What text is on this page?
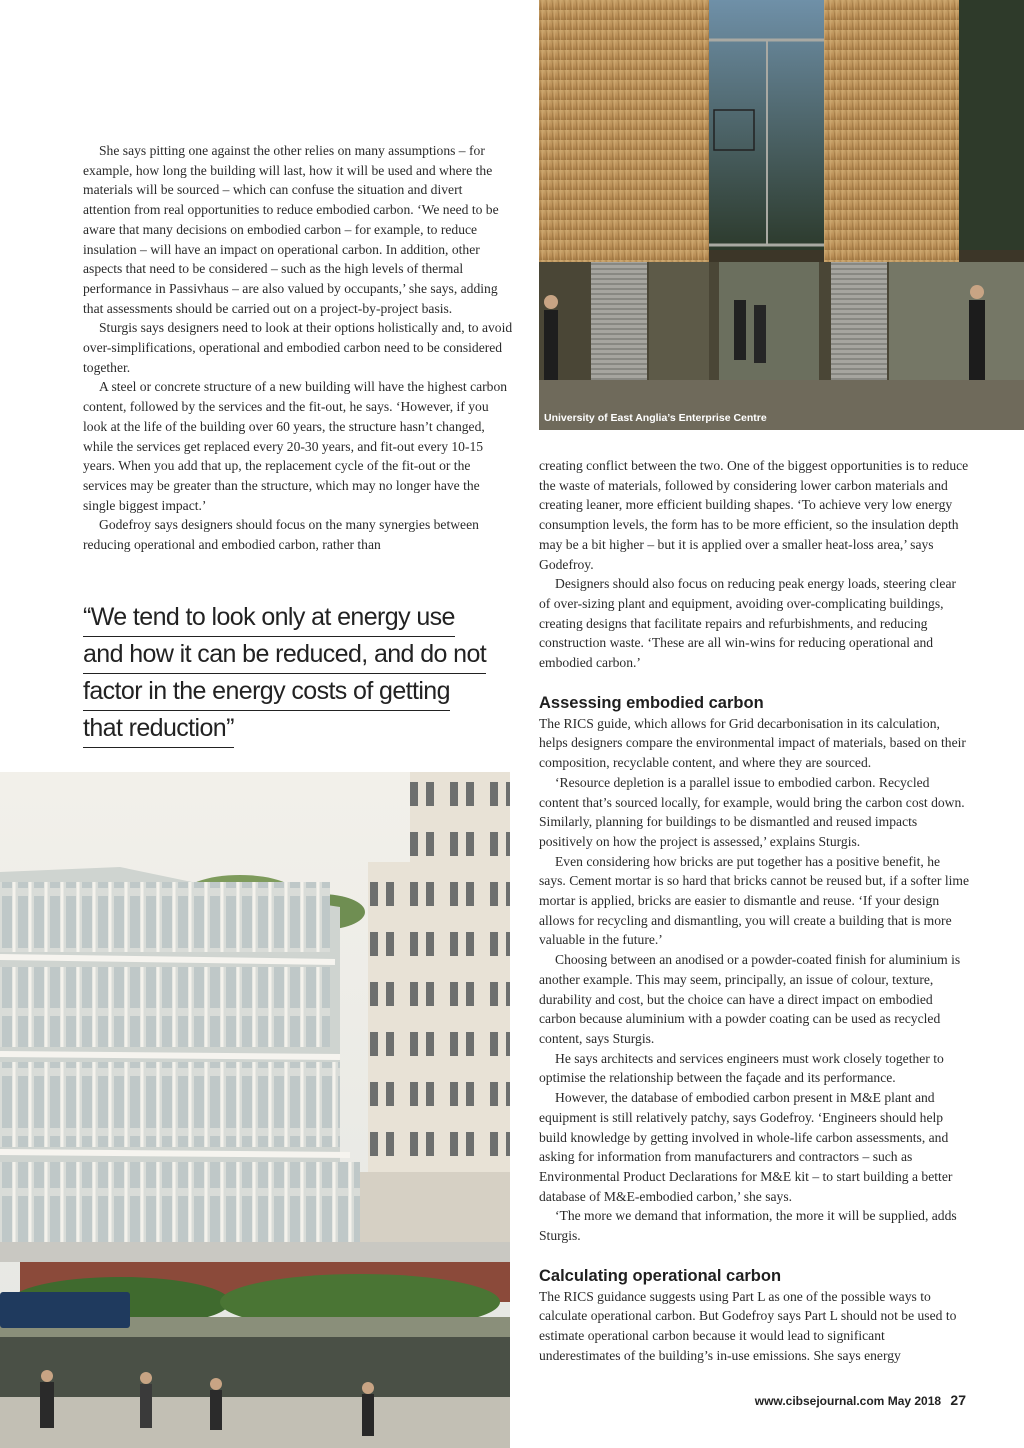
University of East Anglia’s Enterprise Centre

She says pitting one against the other relies on many assumptions – for example, how long the building will last, how it will be used and where the materials will be sourced – which can confuse the situation and divert attention from real opportunities to reduce embodied carbon. ‘We need to be aware that many decisions on embodied carbon – for example, to reduce insulation – will have an impact on operational carbon. In addition, other aspects that need to be considered – such as the high levels of thermal performance in Passivhaus – are also valued by occupants,’ she says, adding that assessments should be carried out on a project-by-project basis.

Sturgis says designers need to look at their options holistically and, to avoid over-simplifications, operational and embodied carbon need to be considered together.

A steel or concrete structure of a new building will have the highest carbon content, followed by the services and the fit-out, he says. ‘However, if you look at the life of the building over 60 years, the structure hasn’t changed, while the services get replaced every 20-30 years, and fit-out every 10-15 years. When you add that up, the replacement cycle of the fit-out or the services may be greater than the structure, which may no longer have the single biggest impact.’

Godefroy says designers should focus on the many synergies between reducing operational and embodied carbon, rather than

“We tend to look only at energy use
and how it can be reduced, and do not
factor in the energy costs of getting
that reduction”

creating conflict between the two. One of the biggest opportunities is to reduce the waste of materials, followed by considering lower carbon materials and creating leaner, more efficient building shapes. ‘To achieve very low energy consumption levels, the form has to be more efficient, so the insulation depth may be a bit higher – but it is applied over a smaller heat-loss area,’ says Godefroy.

Designers should also focus on reducing peak energy loads, steering clear of over-sizing plant and equipment, avoiding over-complicating buildings, creating designs that facilitate repairs and refurbishments, and reducing construction waste. ‘These are all win-wins for reducing operational and embodied carbon.’

Assessing embodied carbon

The RICS guide, which allows for Grid decarbonisation in its calculation, helps designers compare the environmental impact of materials, based on their composition, recyclable content, and where they are sourced.

‘Resource depletion is a parallel issue to embodied carbon. Recycled content that’s sourced locally, for example, would bring the carbon cost down. Similarly, planning for buildings to be dismantled and reused impacts positively on how the project is assessed,’ explains Sturgis.

Even considering how bricks are put together has a positive benefit, he says. Cement mortar is so hard that bricks cannot be reused but, if a softer lime mortar is applied, bricks are easier to dismantle and reuse. ‘If your design allows for recycling and dismantling, you will create a building that is more valuable in the future.’

Choosing between an anodised or a powder-coated finish for aluminium is another example. This may seem, principally, an issue of colour, texture, durability and cost, but the choice can have a direct impact on embodied carbon because aluminium with a powder coating can be used as recycled content, says Sturgis.

He says architects and services engineers must work closely together to optimise the relationship between the façade and its performance.

However, the database of embodied carbon present in M&E plant and equipment is still relatively patchy, says Godefroy. ‘Engineers should help build knowledge by getting involved in whole-life carbon assessments, and asking for information from manufacturers and contractors – such as Environmental Product Declarations for M&E kit – to start building a better database of M&E-embodied carbon,’ she says.

‘The more we demand that information, the more it will be supplied, adds Sturgis.

Calculating operational carbon

The RICS guidance suggests using Part L as one of the possible ways to calculate operational carbon. But Godefroy says Part L should not be used to estimate operational carbon because it would lead to significant underestimates of the building’s in-use emissions. She says energy

www.cibsejournal.com May 2018 27
